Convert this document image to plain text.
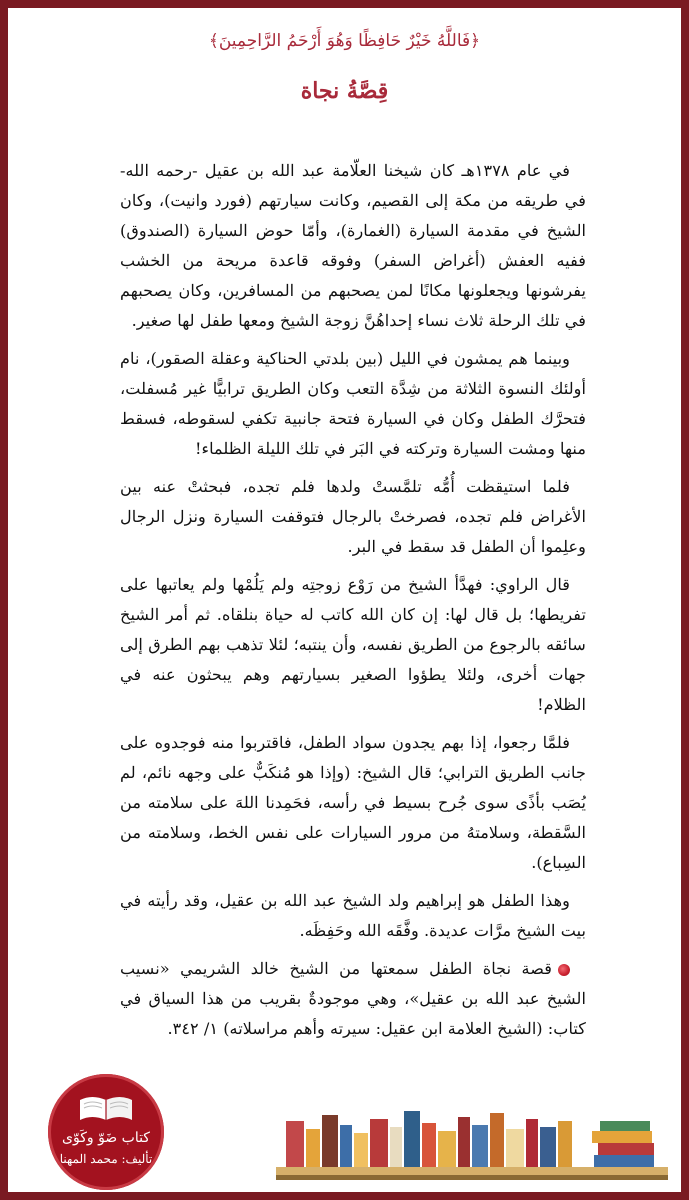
﴿فَاللَّهُ خَيْرٌ حَافِظًا وَهُوَ أَرْحَمُ الرَّاحِمِينَ﴾
قِصَّةُ نجاة

في عام ١٣٧٨هـ كان شيخنا العلّامة عبد الله بن عقيل -رحمه الله- في طريقه من مكة إلى القصيم، وكانت سيارتهم (فورد وانيت)، وكان الشيخ في مقدمة السيارة (الغمارة)، وأمّا حوض السيارة (الصندوق) ففيه العفش (أغراض السفر) وفوقه قاعدة مريحة من الخشب يفرشونها ويجعلونها مكانًا لمن يصحبهم من المسافرين، وكان يصحبهم في تلك الرحلة ثلاث نساء إحداهُنَّ زوجة الشيخ ومعها طفل لها صغير.

وبينما هم يمشون في الليل (بين بلدتي الحناكية وعقلة الصقور)، نام أولئك النسوة الثلاثة من شِدَّة التعب وكان الطريق ترابيًّا غير مُسفلت، فتحرَّك الطفل وكان في السيارة فتحة جانبية تكفي لسقوطه، فسقط منها ومشت السيارة وتركته في البَر في تلك الليلة الظلماء!

فلما استيقظت أُمُّه تلمَّستْ ولدها فلم تجده، فبحثتْ عنه بين الأغراض فلم تجده، فصرختْ بالرجال فتوقفت السيارة ونزل الرجال وعلِموا أن الطفل قد سقط في البر.

قال الراوي: فهدَّأ الشيخ من رَوْع زوجتِه ولم يَلُمْها ولم يعاتبها على تفريطها؛ بل قال لها: إن كان الله كاتب له حياة بنلقاه. ثم أمر الشيخ سائقه بالرجوع من الطريق نفسه، وأن ينتبه؛ لئلا تذهب بهم الطرق إلى جهات أخرى، ولئلا يطؤوا الصغير بسيارتهم وهم يبحثون عنه في الظلام!

فلمَّا رجعوا، إذا بهم يجدون سواد الطفل، فاقتربوا منه فوجدوه على جانب الطريق الترابي؛ قال الشيخ: (وإذا هو مُنكَبٌّ على وجهه نائم، لم يُصَب بأذًى سوى جُرح بسيط في رأسه، فحَمِدنا اللهَ على سلامته من السَّقطة، وسلامتهُ من مرور السيارات على نفس الخط، وسلامته من السِباع).

وهذا الطفل هو إبراهيم ولد الشيخ عبد الله بن عقيل، وقد رأيته في بيت الشيخ مرَّات عديدة. وفَّقَه الله وحَفِظَه.

قصة نجاة الطفل سمعتها من الشيخ خالد الشريمي «نسيب الشيخ عبد الله بن عقيل»، وهي موجودةٌ بقريب من هذا السياق في كتاب: (الشيخ العلامة ابن عقيل: سيرته وأهم مراسلاته) ١/ ٣٤٢.

كتاب ضَوّ وكَوّى
تأليف: محمد المهنا
